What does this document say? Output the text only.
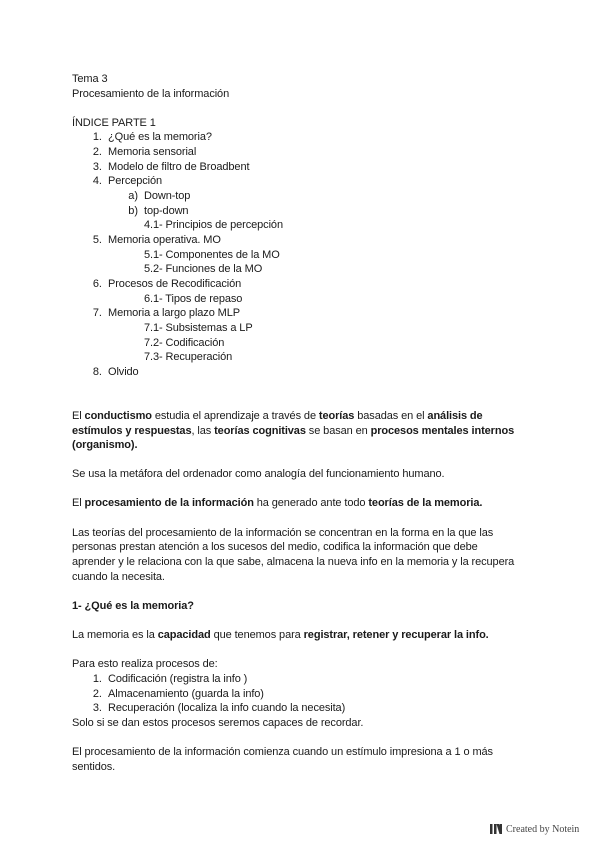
Tema 3
Procesamiento de la información
ÍNDICE PARTE 1
1. ¿Qué es la memoria?
2. Memoria sensorial
3. Modelo de filtro de Broadbent
4. Percepción
a) Down-top
b) top-down
4.1- Principios de percepción
5. Memoria operativa. MO
5.1- Componentes de la MO
5.2- Funciones de la MO
6. Procesos de Recodificación
6.1- Tipos de repaso
7. Memoria a largo plazo MLP
7.1- Subsistemas a LP
7.2- Codificación
7.3- Recuperación
8. Olvido
El conductismo estudia el aprendizaje a través de teorías basadas en el análisis de
estímulos y respuestas, las teorías cognitivas se basan en procesos mentales internos
(organismo).
Se usa la metáfora del ordenador como analogía del funcionamiento humano.
El procesamiento de la información ha generado ante todo teorías de la memoria.
Las teorías del procesamiento de la información se concentran en la forma en la que las
personas prestan atención a los sucesos del medio, codifica la información que debe
aprender y le relaciona con la que sabe, almacena la nueva info en la memoria y la recupera
cuando la necesita.
1- ¿Qué es la memoria?
La memoria es la capacidad que tenemos para registrar, retener y recuperar la info.
Para esto realiza procesos de:
1. Codificación (registra la info )
2. Almacenamiento (guarda la info)
3. Recuperación (localiza la info cuando la necesita)
Solo si se dan estos procesos seremos capaces de recordar.
El procesamiento de la información comienza cuando un estímulo impresiona a 1 o más
sentidos.
Created by Notein
